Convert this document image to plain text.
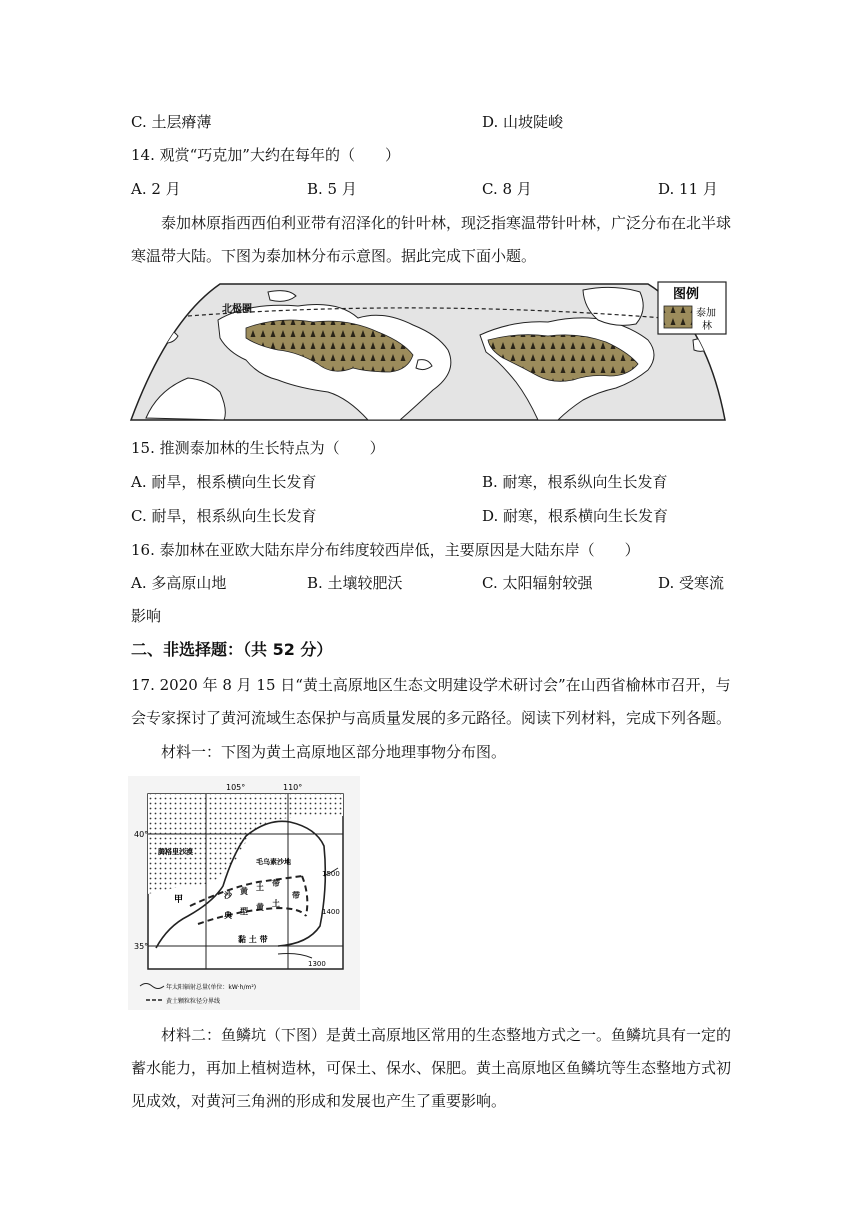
C. 土层瘠薄	D. 山坡陡峻
14. 观赏“巧克加”大约在每年的（　　）
A. 2 月	B. 5 月	C. 8 月	D. 11 月
泰加林原指西西伯利亚带有沼泽化的针叶林，现泛指寒温带针叶林，广泛分布在北半球寒温带大陆。下图为泰加林分布示意图。据此完成下面小题。
北极圈
图例
泰加
林
15. 推测泰加林的生长特点为（　　）
A. 耐旱，根系横向生长发育	B. 耐寒，根系纵向生长发育
C. 耐旱，根系纵向生长发育	D. 耐寒，根系横向生长发育
16. 泰加林在亚欧大陆东岸分布纬度较西岸低，主要原因是大陆东岸（　　）
A. 多高原山地	B. 土壤较肥沃	C. 太阳辐射较强	D. 受寒流
影响
二、非选择题：（共 52 分）
17. 2020 年 8 月 15 日“黄土高原地区生态文明建设学术研讨会”在山西省榆林市召开，与
会专家探讨了黄河流域生态保护与高质量发展的多元路径。阅读下列材料，完成下列各题。
材料一：下图为黄土高原地区部分地理事物分布图。
105°	110°
40°
35°
腾格里沙漠
毛乌素沙地
1500
1400
1300
沙 黄 土 带
典 型 黄 土
带
黏 土 带
甲
年太阳辐射总量(单位：kW·h/m²)
黄土颗粒粒径分界线
材料二：鱼鳞坑（下图）是黄土高原地区常用的生态整地方式之一。鱼鳞坑具有一定的蓄水能力，再加上植树造林，可保土、保水、保肥。黄土高原地区鱼鳞坑等生态整地方式初见成效，对黄河三角洲的形成和发展也产生了重要影响。
